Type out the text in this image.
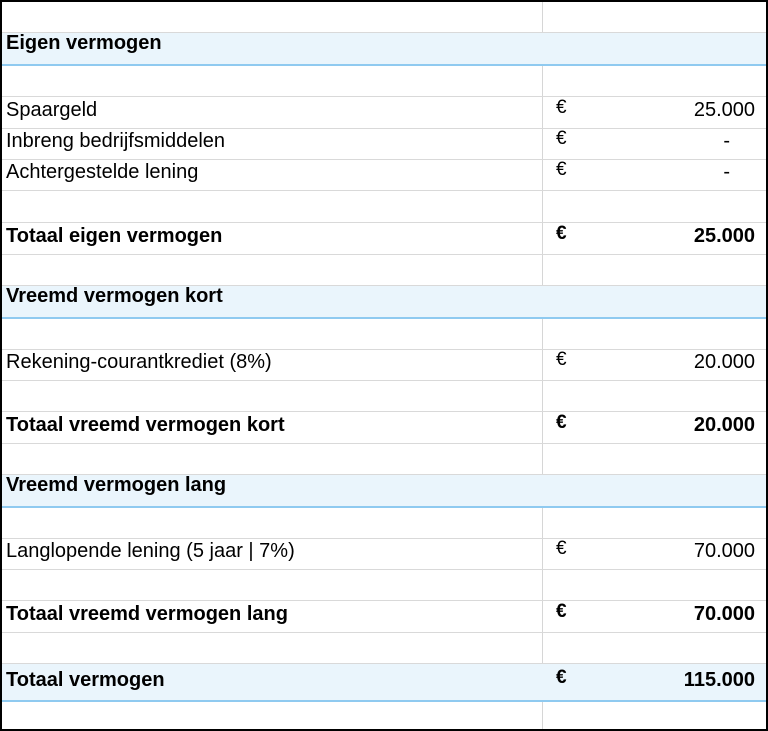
Eigen vermogen
Spaargeld	€	25.000
Inbreng bedrijfsmiddelen	€	-
Achtergestelde lening	€	-
Totaal eigen vermogen	€	25.000
Vreemd vermogen kort
Rekening-courantkrediet (8%)	€	20.000
Totaal vreemd vermogen kort	€	20.000
Vreemd vermogen lang
Langlopende lening (5 jaar | 7%)	€	70.000
Totaal vreemd vermogen lang	€	70.000
Totaal vermogen	€	115.000
